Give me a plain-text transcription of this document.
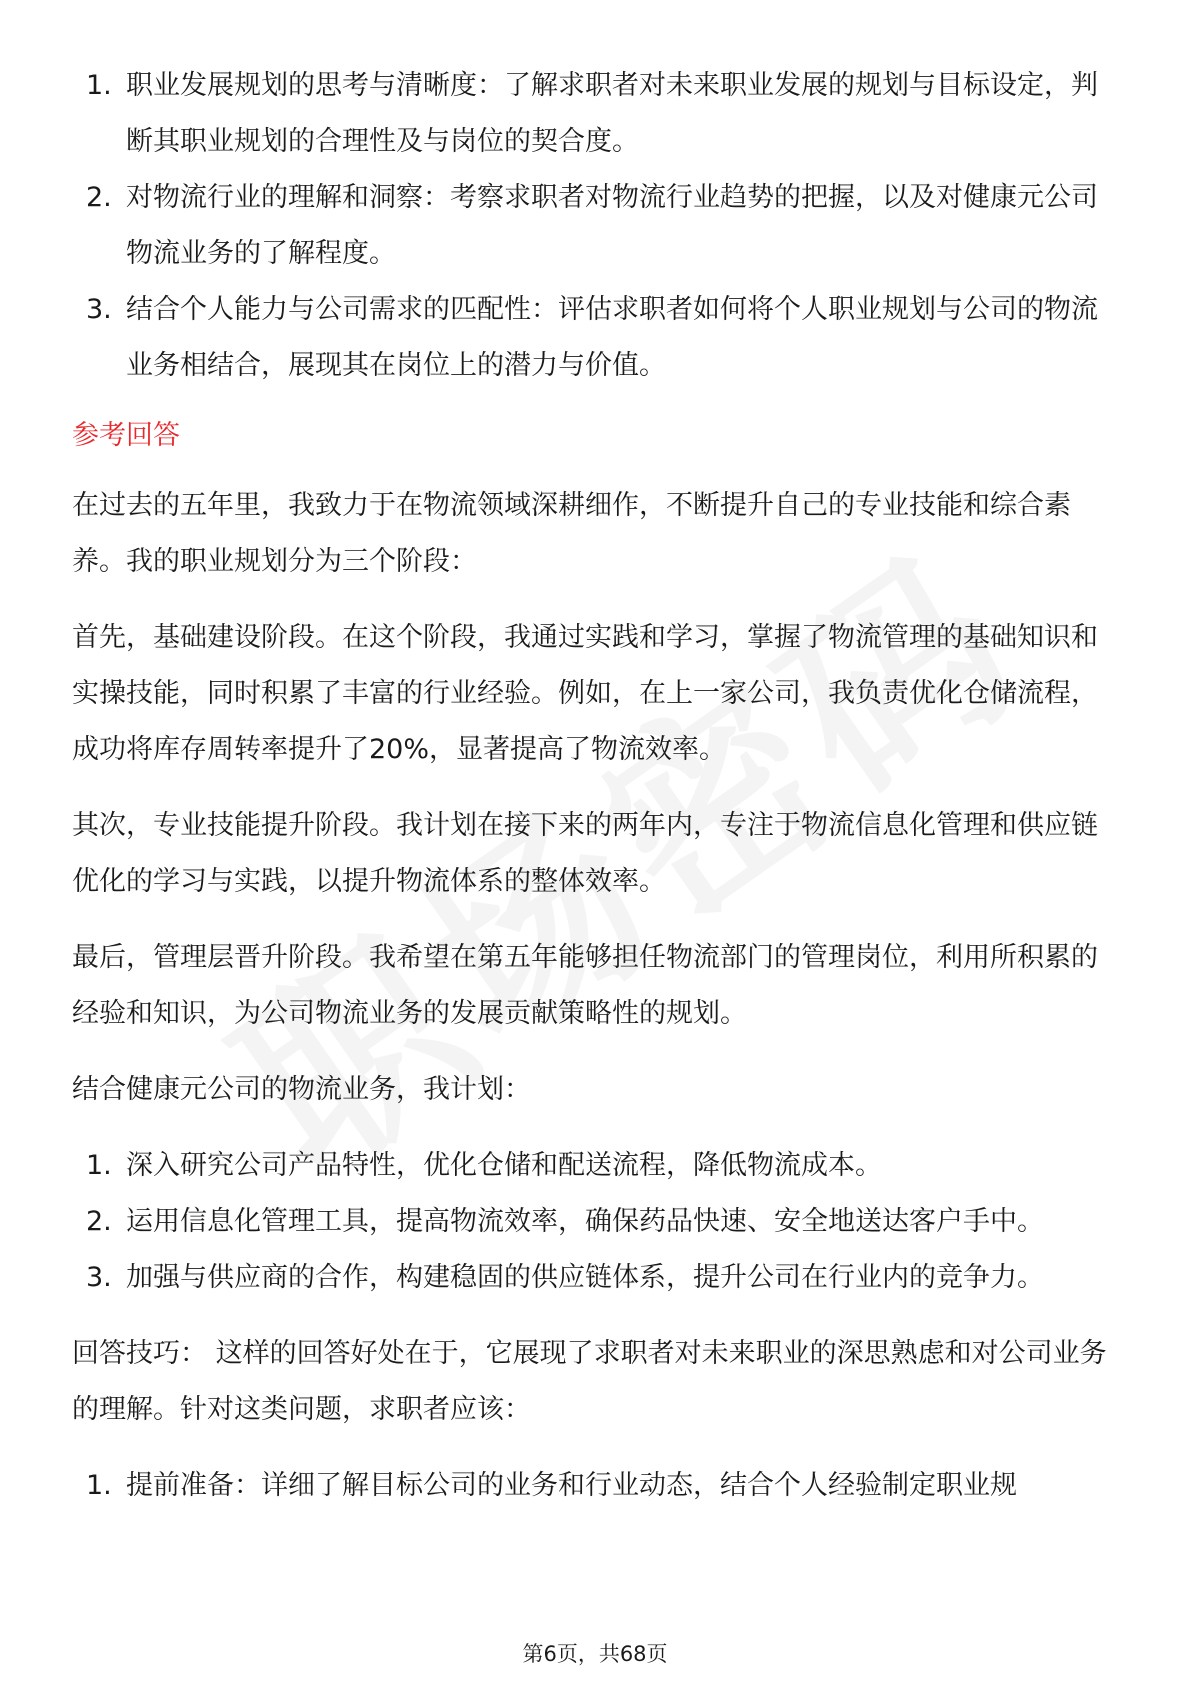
1. 职业发展规划的思考与清晰度：了解求职者对未来职业发展的规划与目标设定，判断其职业规划的合理性及与岗位的契合度。
2. 对物流行业的理解和洞察：考察求职者对物流行业趋势的把握，以及对健康元公司物流业务的了解程度。
3. 结合个人能力与公司需求的匹配性：评估求职者如何将个人职业规划与公司的物流业务相结合，展现其在岗位上的潜力与价值。

参考回答

在过去的五年里，我致力于在物流领域深耕细作，不断提升自己的专业技能和综合素养。我的职业规划分为三个阶段：

首先，基础建设阶段。在这个阶段，我通过实践和学习，掌握了物流管理的基础知识和实操技能，同时积累了丰富的行业经验。例如，在上一家公司，我负责优化仓储流程，成功将库存周转率提升了20%，显著提高了物流效率。

其次，专业技能提升阶段。我计划在接下来的两年内，专注于物流信息化管理和供应链优化的学习与实践，以提升物流体系的整体效率。

最后，管理层晋升阶段。我希望在第五年能够担任物流部门的管理岗位，利用所积累的经验和知识，为公司物流业务的发展贡献策略性的规划。

结合健康元公司的物流业务，我计划：

1. 深入研究公司产品特性，优化仓储和配送流程，降低物流成本。
2. 运用信息化管理工具，提高物流效率，确保药品快速、安全地送达客户手中。
3. 加强与供应商的合作，构建稳固的供应链体系，提升公司在行业内的竞争力。

回答技巧： 这样的回答好处在于，它展现了求职者对未来职业的深思熟虑和对公司业务的理解。针对这类问题，求职者应该：

1. 提前准备：详细了解目标公司的业务和行业动态，结合个人经验制定职业规
第6页，共68页
